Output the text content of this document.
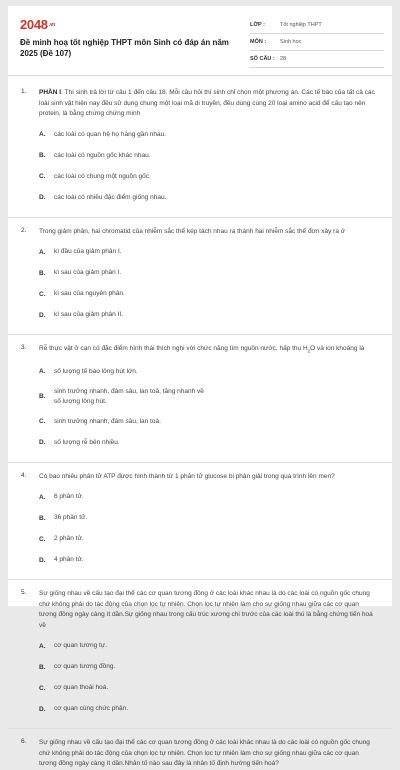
$2048^{.vn}$
Đề minh hoạ tốt nghiệp THPT môn Sinh có đáp án năm 2025 (Đề 107)
LỚP :	Tốt nghiệp THPT
MÔN :	Sinh học
SỐ CÂU : 28
1. PHẦN I. Thí sinh trả lời từ câu 1 đến câu 18. Mỗi câu hỏi thí sinh chỉ chọn một phương án. Các tế bào của tất cả các loài sinh vật hiện nay đều sử dụng chung một loại mã di truyền, đều dùng cùng 20 loại amino acid để cấu tạo nên protein, là bằng chứng chứng minh
A.	các loài có quan hệ họ hàng gần nhau.
B.	các loài có nguồn gốc khác nhau.
C.	các loài có chung một nguồn gốc.
D.	các loài có nhiều đặc điểm giống nhau.
2. Trong giảm phân, hai chromatid của nhiễm sắc thể kép tách nhau ra thành hai nhiễm sắc thể đơn xảy ra ở
A.	kì đầu của giảm phân I.
B.	kì sau của giảm phân I.
C.	kì sau của nguyên phân.
D.	kì sau của giảm phân II.
3. Rễ thực vật ở cạn có đặc điểm hình thái thích nghi với chức năng tìm nguồn nước, hấp thụ $H_2O$ và ion khoáng là
A.	số lượng tế bào lông hút lớn.
B.
sinh trưởng nhanh, đâm sâu, lan toả, tăng nhanh về số lượng lông hút.
C.	sinh trưởng nhanh, đâm sâu, lan toả.
D.	số lượng rễ bên nhiều.
4. Có bao nhiêu phân tử ATP được hình thành từ 1 phân tử glucose bị phân giải trong quá trình lên men?
A.	6 phân tử.
B.	36 phân tử.
C.	2 phân tử.
D.	4 phân tử.
5. Sự giống nhau về cấu tạo đại thể các cơ quan tương đồng ở các loài khác nhau là do các loài có nguồn gốc chung chứ không phải do tác động của chọn lọc tự nhiên. Chọn lọc tự nhiên làm cho sự giống nhau giữa các cơ quan tương đồng ngày càng ít dần.Sự giống nhau trong cấu trúc xương chi trước của các loài thú là bằng chứng tiến hoá về
A.	cơ quan tương tự.
B.	cơ quan tương đồng.
C.	cơ quan thoái hoá.
D.	cơ quan cùng chức phận.
6. Sự giống nhau về cấu tạo đại thể các cơ quan tương đồng ở các loài khác nhau là do các loài có nguồn gốc chung chứ không phải do tác động của chọn lọc tự nhiên. Chọn lọc tự nhiên làm cho sự giống nhau giữa các cơ quan tương đồng ngày càng ít dần.Nhân tố nào sau đây là nhân tố định hướng tiến hoá?
